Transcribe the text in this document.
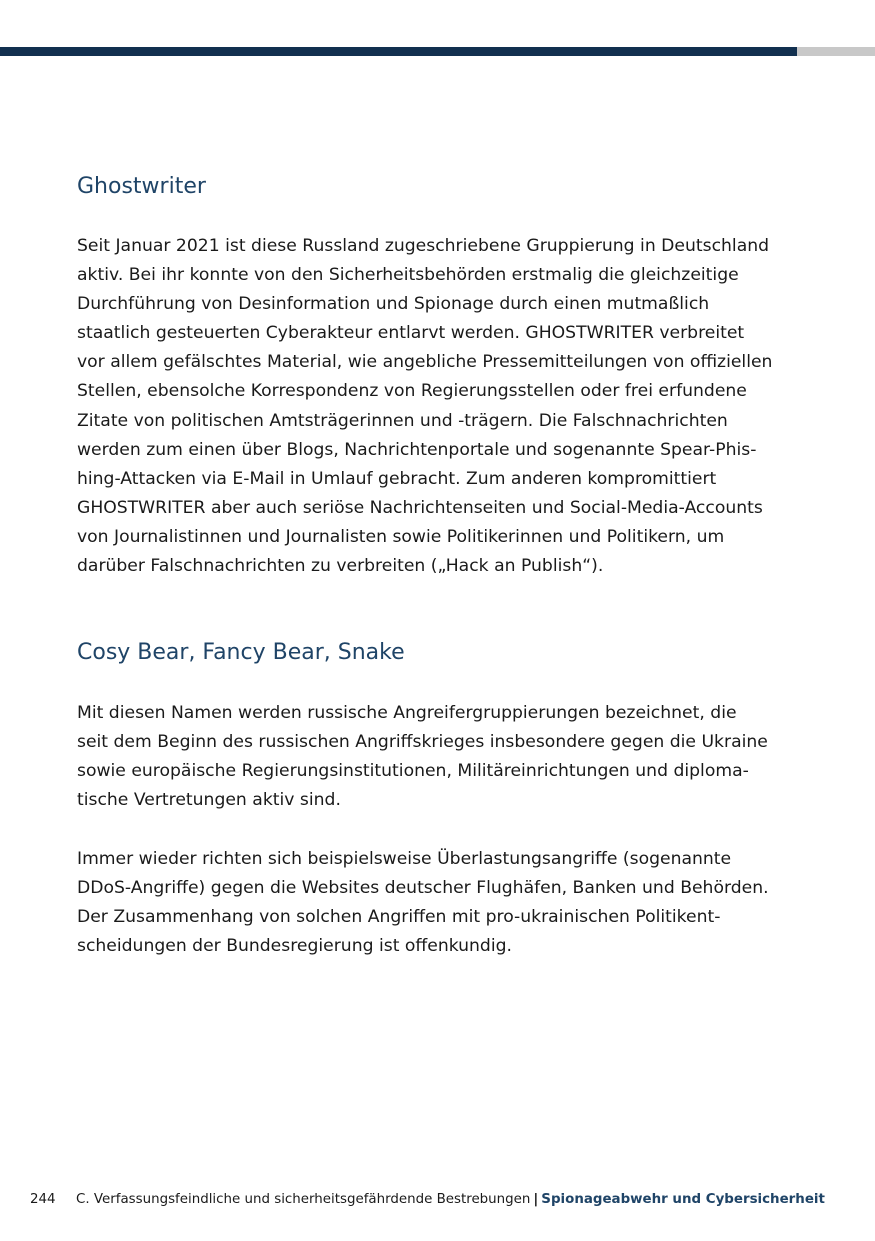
Ghostwriter
Seit Januar 2021 ist diese Russland zugeschriebene Gruppierung in Deutschland
aktiv. Bei ihr konnte von den Sicherheitsbehörden erstmalig die gleichzeitige
Durchführung von Desinformation und Spionage durch einen mutmaßlich
staatlich gesteuerten Cyberakteur entlarvt werden. GHOSTWRITER verbreitet
vor allem gefälschtes Material, wie angebliche Pressemitteilungen von offiziellen
Stellen, ebensolche Korrespondenz von Regierungsstellen oder frei erfundene
Zitate von politischen Amtsträgerinnen und -trägern. Die Falschnachrichten
werden zum einen über Blogs, Nachrichtenportale und sogenannte Spear-Phis-
hing-Attacken via E-Mail in Umlauf gebracht. Zum anderen kompromittiert
GHOSTWRITER aber auch seriöse Nachrichtenseiten und Social-Media-Accounts
von Journalistinnen und Journalisten sowie Politikerinnen und Politikern, um
darüber Falschnachrichten zu verbreiten („Hack an Publish“).
Cosy Bear, Fancy Bear, Snake
Mit diesen Namen werden russische Angreifergruppierungen bezeichnet, die
seit dem Beginn des russischen Angriffskrieges insbesondere gegen die Ukraine
sowie europäische Regierungsinstitutionen, Militäreinrichtungen und diploma-
tische Vertretungen aktiv sind.
Immer wieder richten sich beispielsweise Überlastungsangriffe (sogenannte
DDoS-Angriffe) gegen die Websites deutscher Flughäfen, Banken und Behörden.
Der Zusammenhang von solchen Angriffen mit pro-ukrainischen Politikent-
scheidungen der Bundesregierung ist offenkundig.
244 C. Verfassungsfeindliche und sicherheitsgefährdende Bestrebungen | Spionageabwehr und Cybersicherheit
